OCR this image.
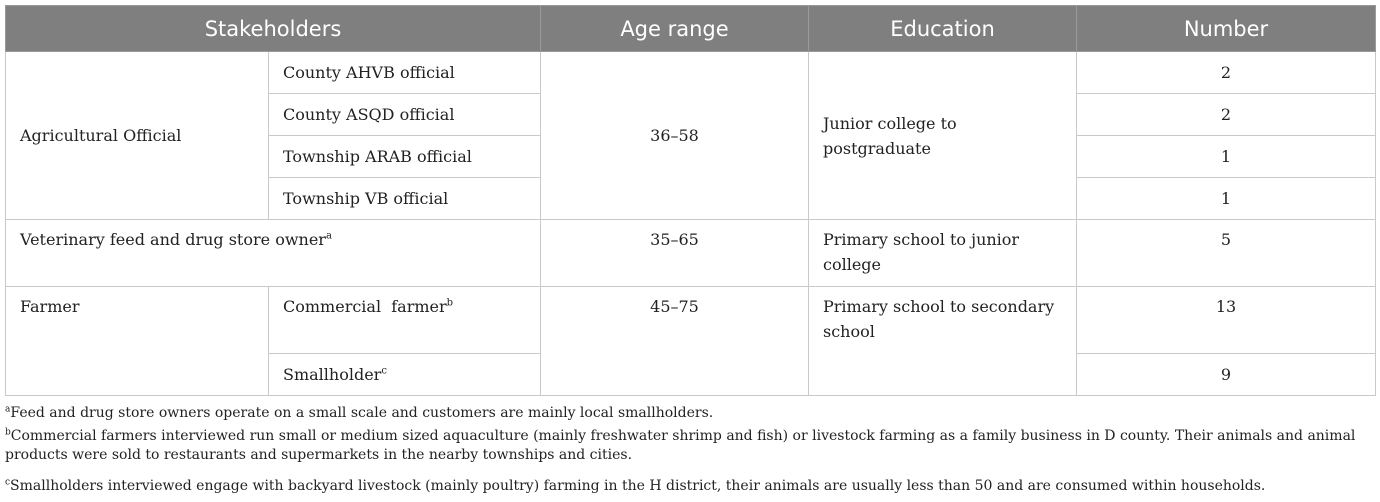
Stakeholders		Age range	Education	Number
Agricultural Official	County AHVB official	36–58	Junior college to postgraduate	2
	County ASQD official			2
	Township ARAB official			1
	Township VB official			1
Veterinary feed and drug store owner$^a$		35–65	Primary school to junior college	5
Farmer	Commercial  farmer$^b$	45–75	Primary school to secondary school	13
	Smallholder$^c$			9
$^a$Feed and drug store owners operate on a small scale and customers are mainly local smallholders.
$^b$Commercial farmers interviewed run small or medium sized aquaculture (mainly freshwater shrimp and fish) or livestock farming as a family business in D county. Their animals and animal products were sold to restaurants and supermarkets in the nearby townships and cities.
$^c$Smallholders interviewed engage with backyard livestock (mainly poultry) farming in the H district, their animals are usually less than 50 and are consumed within households.
